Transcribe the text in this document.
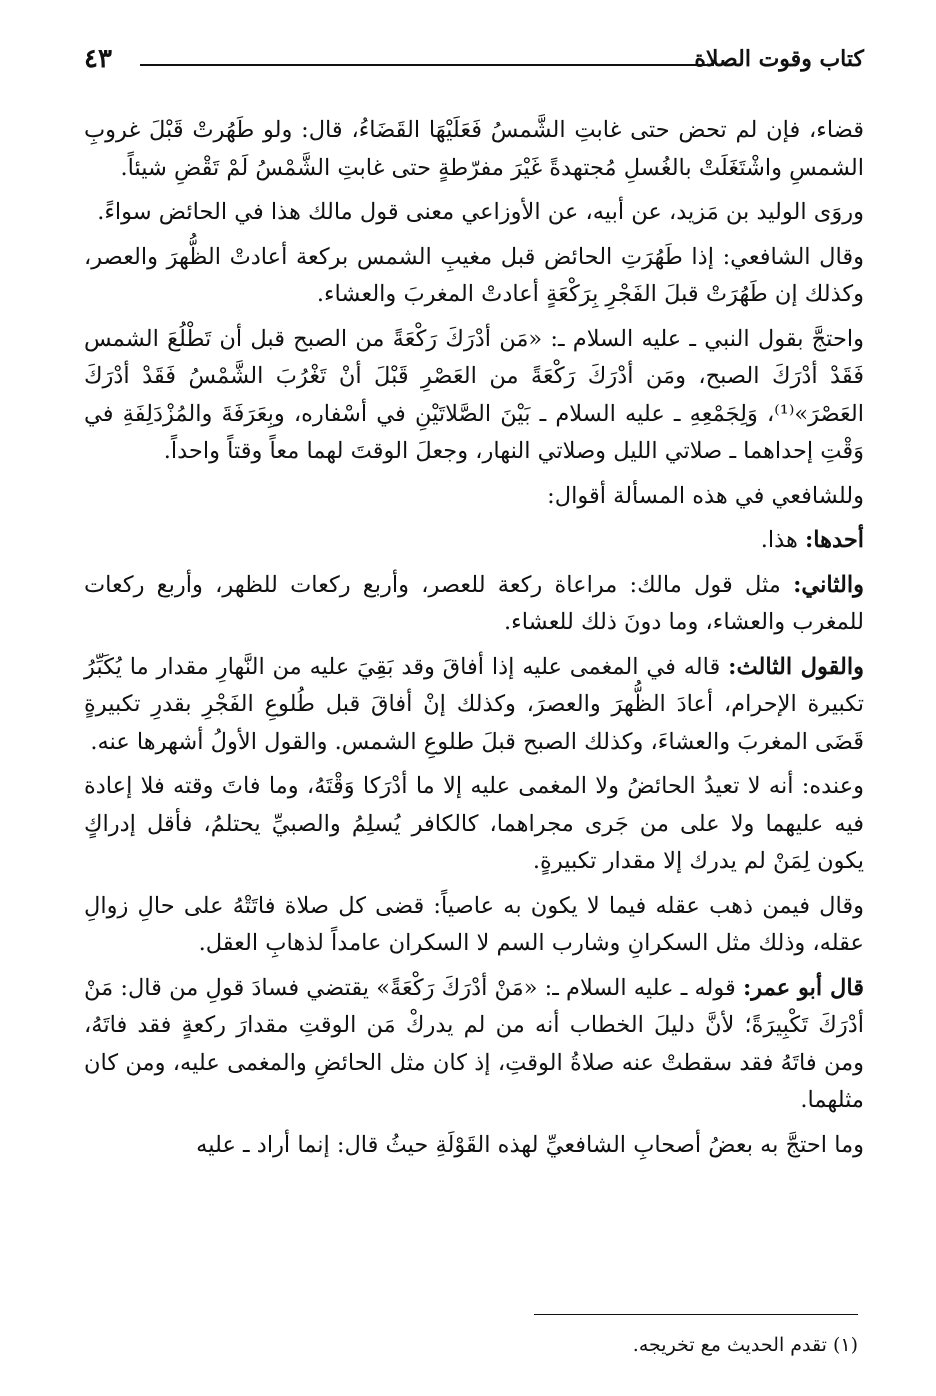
كتاب وقوت الصلاة
٤٣

قضاء، فإن لم تحض حتى غابتِ الشَّمسُ فَعَلَيْهَا القَضَاءُ، قال: ولو طَهُرتْ قَبْلَ غروبِ الشمسِ واشْتَغَلَتْ بالغُسلِ مُجتهدةً غَيْرَ مفرّطةٍ حتى غابتِ الشَّمْسُ لَمْ تَقْضِ شيئاً.

وروَى الوليد بن مَزيد، عن أبيه، عن الأوزاعي معنى قول مالك هذا في الحائض سواءً.

وقال الشافعي: إذا طَهُرَتِ الحائض قبل مغيبِ الشمس بركعة أعادتْ الظُّهرَ والعصر، وكذلك إن طَهُرَتْ قبلَ الفَجْرِ بِرَكْعَةٍ أعادتْ المغربَ والعشاء.

واحتجَّ بقول النبي ـ عليه السلام ـ: «مَن أدْرَكَ رَكْعَةً من الصبح قبل أن تَطْلُعَ الشمس فَقَدْ أدْرَكَ الصبح، ومَن أدْرَكَ رَكْعَةً من العَصْرِ قَبْلَ أنْ تَغْرُبَ الشَّمْسُ فَقَدْ أدْرَكَ العَصْرَ»⁽¹⁾، وَلِجَمْعِهِ ـ عليه السلام ـ بَيْنَ الصَّلاتَيْنِ في أسْفاره، وبِعَرَفَةَ والمُزْدَلِفَةِ في وَقْتِ إحداهما ـ صلاتي الليل وصلاتي النهار، وجعلَ الوقتَ لهما معاً وقتاً واحداً.

وللشافعي في هذه المسألة أقوال:

أحدها: هذا.

والثاني: مثل قول مالك: مراعاة ركعة للعصر، وأربع ركعات للظهر، وأربع ركعات للمغرب والعشاء، وما دونَ ذلك للعشاء.

والقول الثالث: قاله في المغمى عليه إذا أفاقَ وقد بَقِيَ عليه من النَّهارِ مقدار ما يُكَبِّرُ تكبيرة الإحرام، أعادَ الظُّهرَ والعصرَ، وكذلك إنْ أفاقَ قبل طُلوعِ الفَجْرِ بقدرِ تكبيرةٍ قَضَى المغربَ والعشاءَ، وكذلك الصبح قبلَ طلوعِ الشمس. والقول الأولُ أشهرها عنه.

وعنده: أنه لا تعيدُ الحائضُ ولا المغمى عليه إلا ما أدْرَكا وَقْتَهُ، وما فاتَ وقته فلا إعادة فيه عليهما ولا على من جَرى مجراهما، كالكافر يُسلِمُ والصبيِّ يحتلمُ، فأقل إدراكٍ يكون لِمَنْ لم يدرك إلا مقدار تكبيرةٍ.

وقال فيمن ذهب عقله فيما لا يكون به عاصياً: قضى كل صلاة فاتَتْهُ على حالِ زوالِ عقله، وذلك مثل السكرانِ وشارب السم لا السكران عامداً لذهابِ العقل.

قال أبو عمر: قوله ـ عليه السلام ـ: «مَنْ أدْرَكَ رَكْعَةً» يقتضي فسادَ قولِ من قال: مَنْ أدْرَكَ تَكْبِيرَةً؛ لأنَّ دليلَ الخطاب أنه من لم يدركْ مَن الوقتِ مقدارَ ركعةٍ فقد فاتَهُ، ومن فاتَهُ فقد سقطتْ عنه صلاةُ الوقتِ، إذ كان مثل الحائضِ والمغمى عليه، ومن كان مثلهما.

وما احتجَّ به بعضُ أصحابِ الشافعيِّ لهذه القَوْلَةِ حيثُ قال: إنما أراد ـ عليه

(١) تقدم الحديث مع تخريجه.
